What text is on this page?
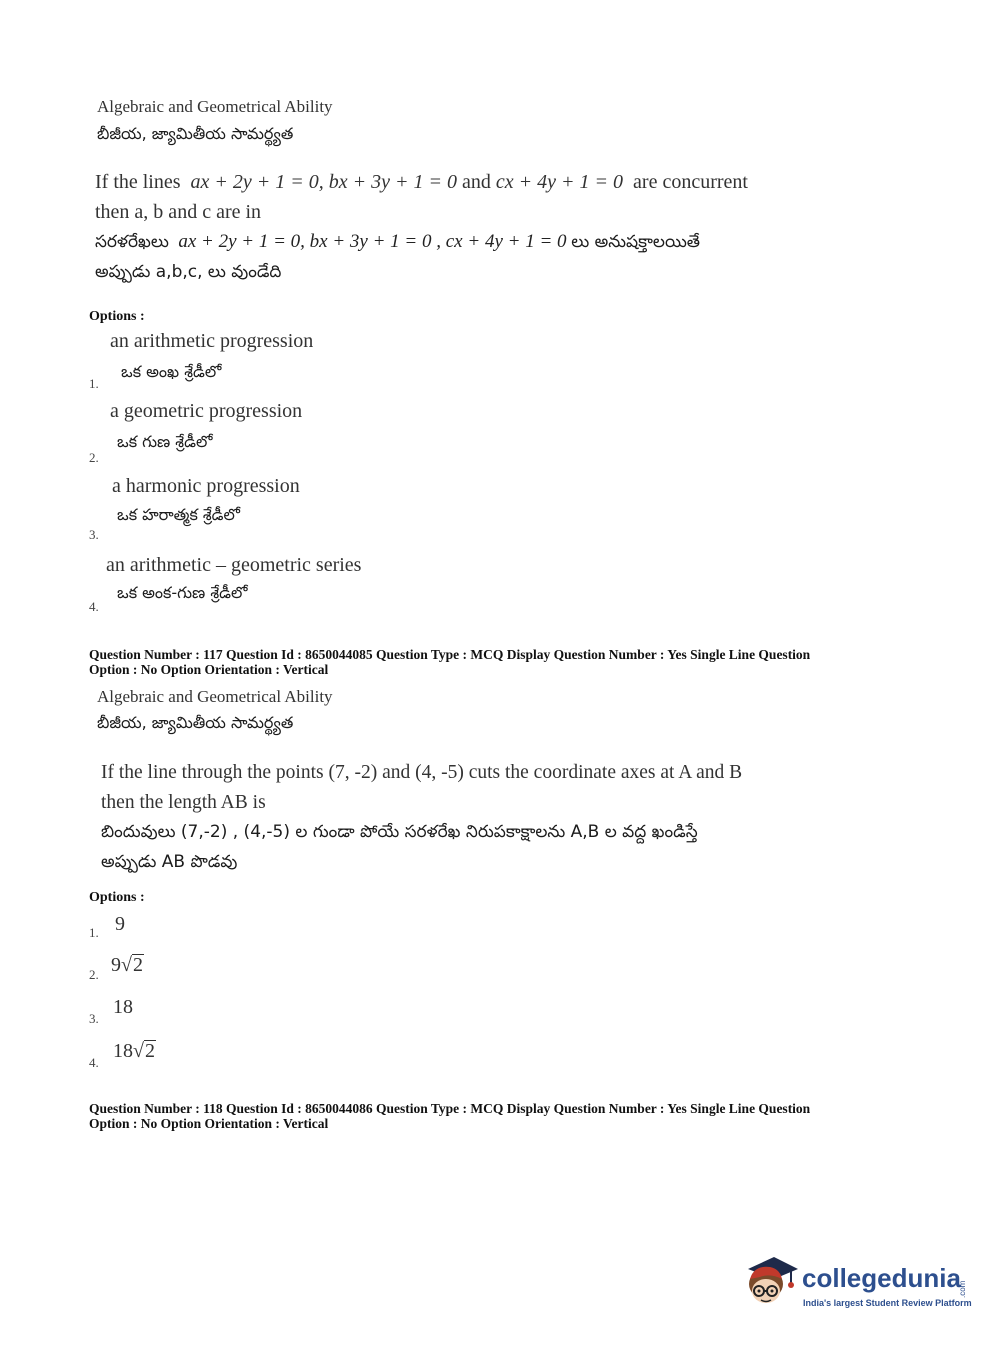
Algebraic and Geometrical Ability
బీజీయ, జ్యామితీయ సామర్థ్యత
If the lines ax + 2y + 1 = 0, bx + 3y + 1 = 0 and cx + 4y + 1 = 0 are concurrent
then a, b and c are in
సరళరేఖలు ax + 2y + 1 = 0, bx + 3y + 1 = 0 , cx + 4y + 1 = 0 లు అనుషక్తాలయితే
అప్పుడు a,b,c, లు వుండేది
Options :
an arithmetic progression
ఒక అంఖ శ్రేడీలో
1.
a geometric progression
ఒక గుణ శ్రేడీలో
2.
a harmonic progression
ఒక హరాత్మక శ్రేడీలో
3.
an arithmetic – geometric series
ఒక అంక-గుణ శ్రేడీలో
4.
Question Number : 117 Question Id : 8650044085 Question Type : MCQ Display Question Number : Yes Single Line Question
Option : No Option Orientation : Vertical
Algebraic and Geometrical Ability
బీజీయ, జ్యామితీయ సామర్థ్యత
If the line through the points (7, -2) and (4, -5) cuts the coordinate axes at A and B
then the length AB is
బిందువులు (7,-2) , (4,-5) ల గుండా పోయే సరళరేఖ నిరుపకాక్షాలను A,B ల వద్ద ఖండిస్తే
అప్పుడు AB పొడవు
Options :
1. 9
2. 9√2
3.
18
4.
18√2
Question Number : 118 Question Id : 8650044086 Question Type : MCQ Display Question Number : Yes Single Line Question
Option : No Option Orientation : Vertical
collegedunia
.com
India's largest Student Review Platform
